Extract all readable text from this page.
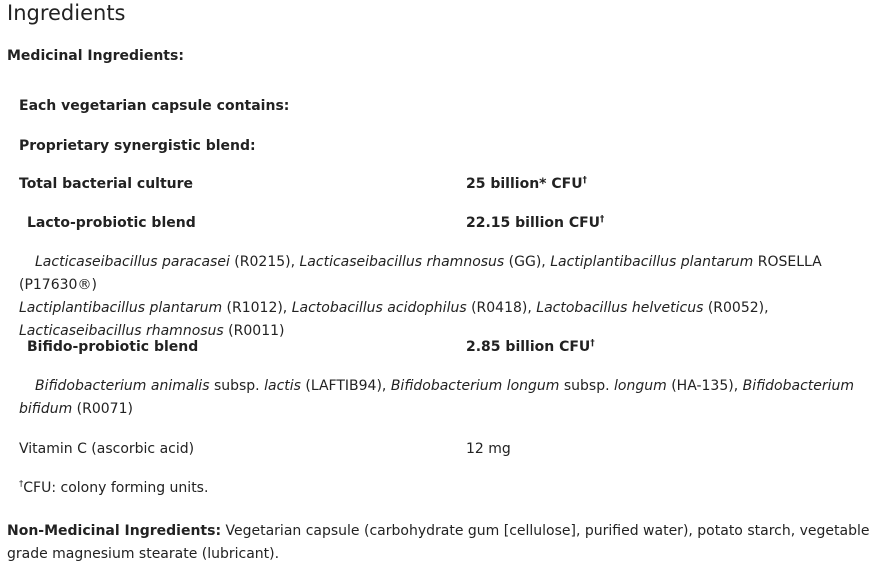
Ingredients
Medicinal Ingredients:
Each vegetarian capsule contains:
Proprietary synergistic blend:
Total bacterial culture	25 billion* CFU†
Lacto-probiotic blend	22.15 billion CFU†
Lacticaseibacillus paracasei (R0215), Lacticaseibacillus rhamnosus (GG), Lactiplantibacillus plantarum ROSELLA (P17630®)
Lactiplantibacillus plantarum (R1012), Lactobacillus acidophilus (R0418), Lactobacillus helveticus (R0052), Lacticaseibacillus rhamnosus (R0011)
Bifido-probiotic blend	2.85 billion CFU†
Bifidobacterium animalis subsp. lactis (LAFTIB94), Bifidobacterium longum subsp. longum (HA-135), Bifidobacterium bifidum (R0071)
Vitamin C (ascorbic acid)	12 mg
†CFU: colony forming units.
Non-Medicinal Ingredients: Vegetarian capsule (carbohydrate gum [cellulose], purified water), potato starch, vegetable grade magnesium stearate (lubricant).
